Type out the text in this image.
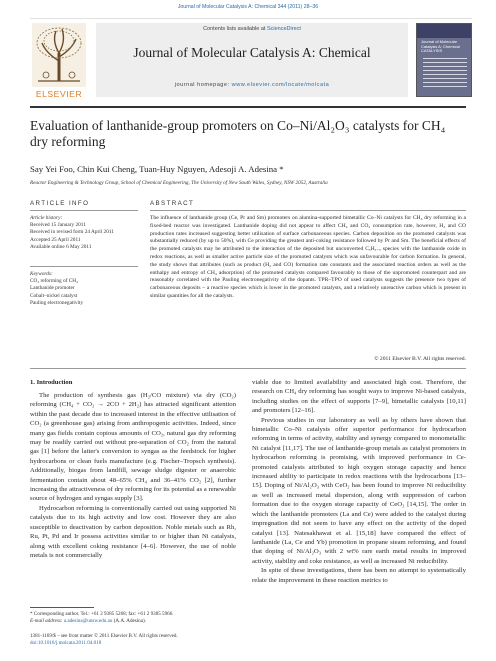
Journal of Molecular Catalysis A: Chemical 344 (2011) 28–36
ELSEVIER
Contents lists available at ScienceDirect
Journal of Molecular Catalysis A: Chemical
journal homepage: www.elsevier.com/locate/molcata
Journal of Molecular Catalysis A: Chemical
CATALYSIS
Evaluation of lanthanide-group promoters on Co–Ni/Al₂O₃ catalysts for CH₄ dry reforming
Say Yei Foo, Chin Kui Cheng, Tuan-Huy Nguyen, Adesoji A. Adesina *
Reactor Engineering & Technology Group, School of Chemical Engineering, The University of New South Wales, Sydney, NSW 2052, Australia
ARTICLE INFO	ABSTRACT
Article history:
Received 15 January 2011
Received in revised form 24 April 2011
Accepted 25 April 2011
Available online 6 May 2011
Keywords:
CO₂ reforming of CH₄
Lanthanide promoter
Cobalt–nickel catalyst
Pauling electronegativity
The influence of lanthanide group (Ce, Pr and Sm) promoters on alumina-supported bimetallic Co–Ni catalysts for CH₄ dry reforming in a fixed-bed reactor was investigated. Lanthanide doping did not appear to affect CH₄ and CO₂ consumption rate, however, H₂ and CO production rates increased suggesting better utilisation of surface carbonaceous species. Carbon deposition on the promoted catalysts was substantially reduced (by up to 50%), with Ce providing the greatest anti-coking resistance followed by Pr and Sm. The beneficial effects of the promoted catalysts may be attributed to the interaction of the deposited but unconverted CₓHᵧ₋ₓ species with the lanthanide oxide in redox reactions, as well as smaller active particle size of the promoted catalysts which was unfavourable for carbon formation. In general, the study shows that attributes (such as product (H₂ and CO) formation rate constants and the associated reaction orders as well as the enthalpy and entropy of CH₄ adsorption) of the promoted catalysts compared favourably to those of the unpromoted counterpart and are reasonably correlated with the Pauling electronegativity of the dopants. TPR–TPO of used catalysts suggests the presence two types of carbonaceous deposits – a reactive species which is lower in the promoted catalysts, and a relatively unreactive carbon which is present in similar quantities for all the catalysts.
© 2011 Elsevier B.V. All rights reserved.
1. Introduction

The production of synthesis gas (H₂/CO mixture) via dry (CO₂) reforming (CH₄ + CO₂ → 2CO + 2H₂) has attracted significant attention within the past decade due to increased interest in the effective utilisation of CO₂ (a greenhouse gas) arising from anthropogenic activities. Indeed, since many gas fields contain copious amounts of CO₂, natural gas dry reforming may be readily carried out without pre-separation of CO₂ from the natural gas [1] before the latter's conversion to syngas as the feedstock for higher hydrocarbons or clean fuels manufacture (e.g. Fischer–Tropsch synthesis). Additionally, biogas from landfill, sewage sludge digester or anaerobic fermentation contain about 48–65% CH₄ and 36–41% CO₂ [2], further increasing the attractiveness of dry reforming for its potential as a renewable source of hydrogen and syngas supply [3].

Hydrocarbon reforming is conventionally carried out using supported Ni catalysts due to its high activity and low cost. However they are also susceptible to deactivation by carbon deposition. Noble metals such as Rh, Ru, Pt, Pd and Ir possess activities similar to or higher than Ni catalysts, along with excellent coking resistance [4–6]. However, the use of noble metals is not commercially

viable due to limited availability and associated high cost. Therefore, the research on CH₄ dry reforming has sought ways to improve Ni-based catalysts, including studies on the effect of supports [7–9], bimetallic catalysts [10,11] and promoters [12–16].

Previous studies in our laboratory as well as by others have shown that bimetallic Co–Ni catalysts offer superior performance for hydrocarbon reforming in terms of activity, stability and synergy compared to monometallic Ni catalyst [11,17]. The use of lanthanide-group metals as catalyst promoters in hydrocarbon reforming is promising, with improved performance in Ce-promoted catalysts attributed to high oxygen storage capacity and hence increased ability to participate in redox reactions with the hydrocarbons [13–15]. Doping of Ni/Al₂O₃ with CeO₂ has been found to improve Ni reducibility as well as increased metal dispersion, along with suppression of carbon formation due to the oxygen storage capacity of CeO₂ [14,15]. The order in which the lanthanide promoters (La and Ce) were added to the catalyst during impregnation did not seem to have any effect on the activity of the doped catalyst [13]. Natesakhawat et al. [15,18] have compared the effect of lanthanide (La, Ce and Yb) promotion in propane steam reforming, and found that doping of Ni/Al₂O₃ with 2 wt% rare earth metal results in improved activity, stability and coke resistance, as well as increased Ni reducibility.

In spite of these investigations, there has been no attempt to systematically relate the improvement in these reaction metrics to

* Corresponding author. Tel.: +61 2 9385 5268; fax: +61 2 9385 5966.
E-mail address: a.adesina@unsw.edu.au (A.A. Adesina).
1381-1169/$ – see front matter © 2011 Elsevier B.V. All rights reserved.
doi:10.1016/j.molcata.2011.04.018
